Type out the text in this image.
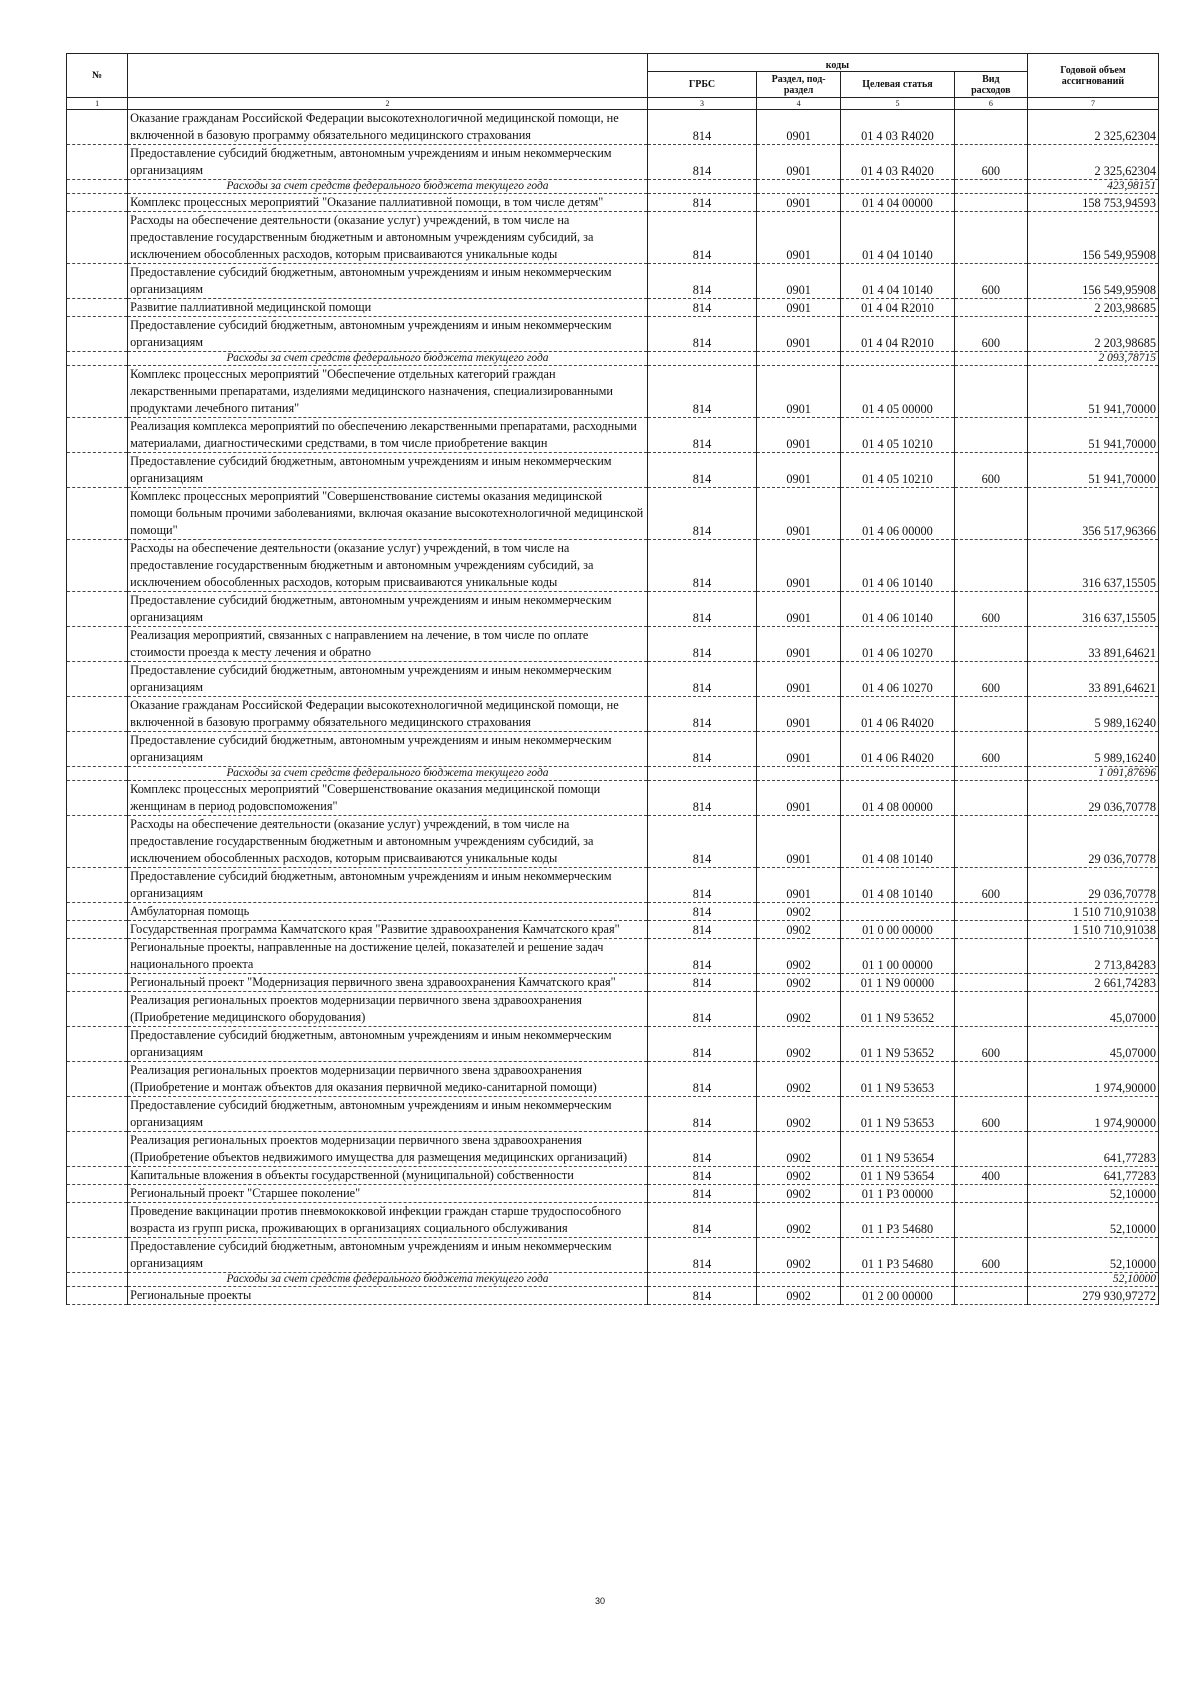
№		коды				Годовой объем
ассигнований
		ГРБС	Раздел, под-
раздел	Целевая статья	Вид
расходов	
1	2	3	4	5	6	7
	Оказание гражданам Российской Федерации высокотехнологичной медицинской помощи, не включенной в базовую программу обязательного медицинского страхования	814	0901	01 4 03 R4020		2 325,62304
	Предоставление субсидий бюджетным, автономным учреждениям и иным некоммерческим организациям	814	0901	01 4 03 R4020	600	2 325,62304
	Расходы за счет средств федерального бюджета текущего года					423,98151
	Комплекс процессных мероприятий "Оказание паллиативной помощи, в том числе детям"	814	0901	01 4 04 00000		158 753,94593
	Расходы на обеспечение деятельности (оказание услуг) учреждений, в том числе на предоставление государственным бюджетным и автономным учреждениям субсидий, за исключением обособленных расходов, которым присваиваются уникальные коды	814	0901	01 4 04 10140		156 549,95908
	Предоставление субсидий бюджетным, автономным учреждениям и иным некоммерческим организациям	814	0901	01 4 04 10140	600	156 549,95908
	Развитие паллиативной медицинской помощи	814	0901	01 4 04 R2010		2 203,98685
	Предоставление субсидий бюджетным, автономным учреждениям и иным некоммерческим организациям	814	0901	01 4 04 R2010	600	2 203,98685
	Расходы за счет средств федерального бюджета текущего года					2 093,78715
	Комплекс процессных мероприятий "Обеспечение отдельных категорий граждан лекарственными препаратами, изделиями медицинского назначения, специализированными продуктами лечебного питания"	814	0901	01 4 05 00000		51 941,70000
	Реализация комплекса мероприятий по обеспечению лекарственными препаратами, расходными материалами, диагностическими средствами, в том числе приобретение вакцин	814	0901	01 4 05 10210		51 941,70000
	Предоставление субсидий бюджетным, автономным учреждениям и иным некоммерческим организациям	814	0901	01 4 05 10210	600	51 941,70000
	Комплекс процессных мероприятий "Совершенствование системы оказания медицинской помощи больным прочими заболеваниями, включая оказание высокотехнологичной медицинской помощи"	814	0901	01 4 06 00000		356 517,96366
	Расходы на обеспечение деятельности (оказание услуг) учреждений, в том числе на предоставление государственным бюджетным и автономным учреждениям субсидий, за исключением обособленных расходов, которым присваиваются уникальные коды	814	0901	01 4 06 10140		316 637,15505
	Предоставление субсидий бюджетным, автономным учреждениям и иным некоммерческим организациям	814	0901	01 4 06 10140	600	316 637,15505
	Реализация мероприятий, связанных с направлением на лечение, в том числе по оплате стоимости проезда к месту лечения и обратно	814	0901	01 4 06 10270		33 891,64621
	Предоставление субсидий бюджетным, автономным учреждениям и иным некоммерческим организациям	814	0901	01 4 06 10270	600	33 891,64621
	Оказание гражданам Российской Федерации высокотехнологичной медицинской помощи, не включенной в базовую программу обязательного медицинского страхования	814	0901	01 4 06 R4020		5 989,16240
	Предоставление субсидий бюджетным, автономным учреждениям и иным некоммерческим организациям	814	0901	01 4 06 R4020	600	5 989,16240
	Расходы за счет средств федерального бюджета текущего года					1 091,87696
	Комплекс процессных мероприятий "Совершенствование оказания медицинской помощи женщинам в период родовспоможения"	814	0901	01 4 08 00000		29 036,70778
	Расходы на обеспечение деятельности (оказание услуг) учреждений, в том числе на предоставление государственным бюджетным и автономным учреждениям субсидий, за исключением обособленных расходов, которым присваиваются уникальные коды	814	0901	01 4 08 10140		29 036,70778
	Предоставление субсидий бюджетным, автономным учреждениям и иным некоммерческим организациям	814	0901	01 4 08 10140	600	29 036,70778
	Амбулаторная помощь	814	0902			1 510 710,91038
	Государственная программа Камчатского края "Развитие здравоохранения Камчатского края"	814	0902	01 0 00 00000		1 510 710,91038
	Региональные проекты, направленные на достижение целей, показателей и решение задач национального проекта	814	0902	01 1 00 00000		2 713,84283
	Региональный проект "Модернизация первичного звена здравоохранения Камчатского края"	814	0902	01 1 N9 00000		2 661,74283
	Реализация региональных проектов модернизации первичного звена здравоохранения (Приобретение медицинского оборудования)	814	0902	01 1 N9 53652		45,07000
	Предоставление субсидий бюджетным, автономным учреждениям и иным некоммерческим организациям	814	0902	01 1 N9 53652	600	45,07000
	Реализация региональных проектов модернизации первичного звена здравоохранения (Приобретение и монтаж объектов для оказания первичной медико-санитарной помощи)	814	0902	01 1 N9 53653		1 974,90000
	Предоставление субсидий бюджетным, автономным учреждениям и иным некоммерческим организациям	814	0902	01 1 N9 53653	600	1 974,90000
	Реализация региональных проектов модернизации первичного звена здравоохранения (Приобретение объектов недвижимого имущества для размещения медицинских организаций)	814	0902	01 1 N9 53654		641,77283
	Капитальные вложения в объекты государственной (муниципальной) собственности	814	0902	01 1 N9 53654	400	641,77283
	Региональный проект "Старшее поколение"	814	0902	01 1 P3 00000		52,10000
	Проведение вакцинации против пневмококковой инфекции граждан старше трудоспособного возраста из групп риска, проживающих в организациях социального обслуживания	814	0902	01 1 P3 54680		52,10000
	Предоставление субсидий бюджетным, автономным учреждениям и иным некоммерческим организациям	814	0902	01 1 P3 54680	600	52,10000
	Расходы за счет средств федерального бюджета текущего года					52,10000
	Региональные проекты	814	0902	01 2 00 00000		279 930,97272
30
